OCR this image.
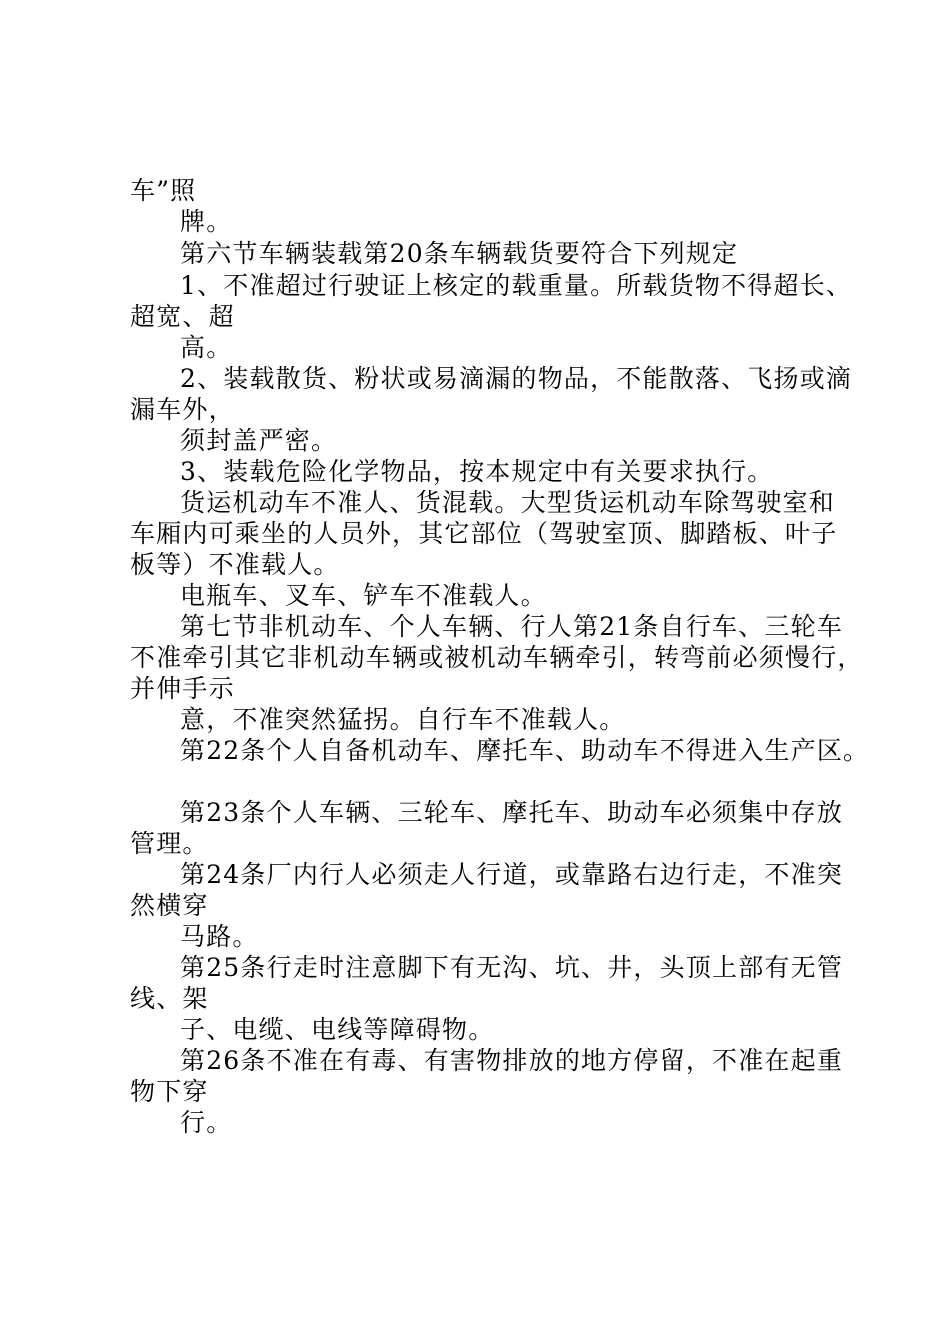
车”照
牌。
第六节车辆装载第20条车辆载货要符合下列规定
1、不准超过行驶证上核定的载重量。所载货物不得超长、
超宽、超
高。
2、装载散货、粉状或易滴漏的物品，不能散落、飞扬或滴
漏车外，
须封盖严密。
3、装载危险化学物品，按本规定中有关要求执行。
货运机动车不准人、货混载。大型货运机动车除驾驶室和
车厢内可乘坐的人员外，其它部位（驾驶室顶、脚踏板、叶子
板等）不准载人。
电瓶车、叉车、铲车不准载人。
第七节非机动车、个人车辆、行人第21条自行车、三轮车
不准牵引其它非机动车辆或被机动车辆牵引，转弯前必须慢行，
并伸手示
意，不准突然猛拐。自行车不准载人。
第22条个人自备机动车、摩托车、助动车不得进入生产区。
第23条个人车辆、三轮车、摩托车、助动车必须集中存放
管理。
第24条厂内行人必须走人行道，或靠路右边行走，不准突
然横穿
马路。
第25条行走时注意脚下有无沟、坑、井，头顶上部有无管
线、架
子、电缆、电线等障碍物。
第26条不准在有毒、有害物排放的地方停留，不准在起重
物下穿
行。
